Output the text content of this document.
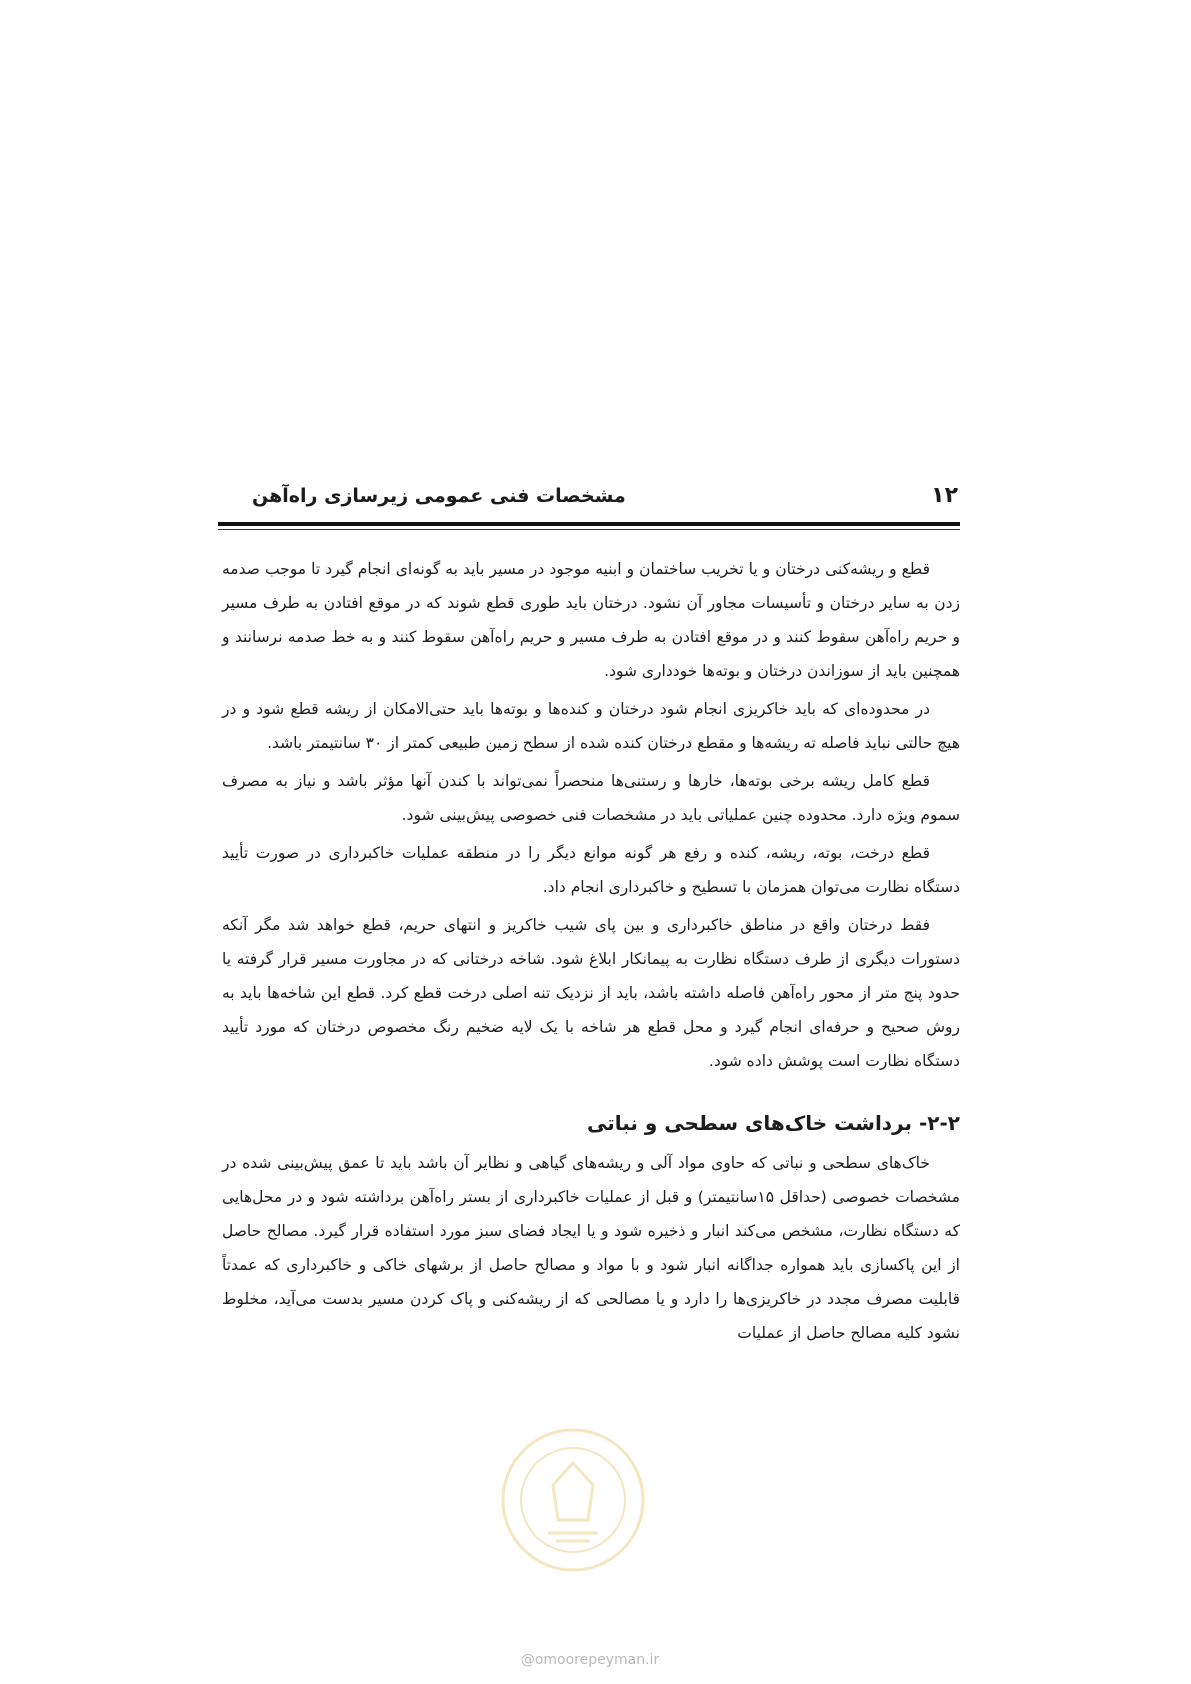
۱۲
مشخصات فنی عمومی زیرسازی راه‌آهن

قطع و ریشه‌کنی درختان و یا تخریب ساختمان و ابنیه موجود در مسیر باید به گونه‌ای انجام گیرد تا موجب صدمه زدن به سایر درختان و تأسیسات مجاور آن نشود. درختان باید طوری قطع شوند که در موقع افتادن به طرف مسیر و حریم راه‌آهن سقوط کنند و در موقع افتادن به طرف مسیر و حریم راه‌آهن سقوط کنند و به خط صدمه نرسانند و همچنین باید از سوزاندن درختان و بوته‌ها خودداری شود.

در محدوده‌ای که باید خاکریزی انجام شود درختان و کنده‌ها و بوته‌ها باید حتی‌الامکان از ریشه قطع شود و در هیچ حالتی نباید فاصله ته ریشه‌ها و مقطع درختان کنده شده از سطح زمین طبیعی کمتر از ۳۰ سانتیمتر باشد.

قطع کامل ریشه برخی بوته‌ها، خارها و رستنی‌ها منحصراً نمی‌تواند با کندن آنها مؤثر باشد و نیاز به مصرف سموم ویژه دارد. محدوده چنین عملیاتی باید در مشخصات فنی خصوصی پیش‌بینی شود.

قطع درخت، بوته، ریشه، کنده و رفع هر گونه موانع دیگر را در منطقه عملیات خاکبرداری در صورت تأیید دستگاه نظارت می‌توان همزمان با تسطیح و خاکبرداری انجام داد.

فقط درختان واقع در مناطق خاکبرداری و بین پای شیب خاکریز و انتهای حریم، قطع خواهد شد مگر آنکه دستورات دیگری از طرف دستگاه نظارت به پیمانکار ابلاغ شود. شاخه درختانی که در مجاورت مسیر قرار گرفته یا حدود پنج متر از محور راه‌آهن فاصله داشته باشد، باید از نزدیک تنه اصلی درخت قطع کرد. قطع این شاخه‌ها باید به روش صحیح و حرفه‌ای انجام گیرد و محل قطع هر شاخه با یک لایه ضخیم رنگ مخصوص درختان که مورد تأیید دستگاه نظارت است پوشش داده شود.

۲-۲- برداشت خاک‌های سطحی و نباتی

خاک‌های سطحی و نباتی که حاوی مواد آلی و ریشه‌های گیاهی و نظایر آن باشد باید تا عمق پیش‌بینی شده در مشخصات خصوصی (حداقل ۱۵سانتیمتر) و قبل از عملیات خاکبرداری از بستر راه‌آهن برداشته شود و در محل‌هایی که دستگاه نظارت، مشخص می‌کند انبار و ذخیره شود و یا ایجاد فضای سبز مورد استفاده قرار گیرد. مصالح حاصل از این پاکسازی باید همواره جداگانه انبار شود و با مواد و مصالح حاصل از برشهای خاکی و خاکبرداری که عمدتاً قابلیت مصرف مجدد در خاکریزی‌ها را دارد و یا مصالحی که از ریشه‌کنی و پاک کردن مسیر بدست می‌آید، مخلوط نشود کلیه مصالح حاصل از عملیات

@omoorepeyman.ir
